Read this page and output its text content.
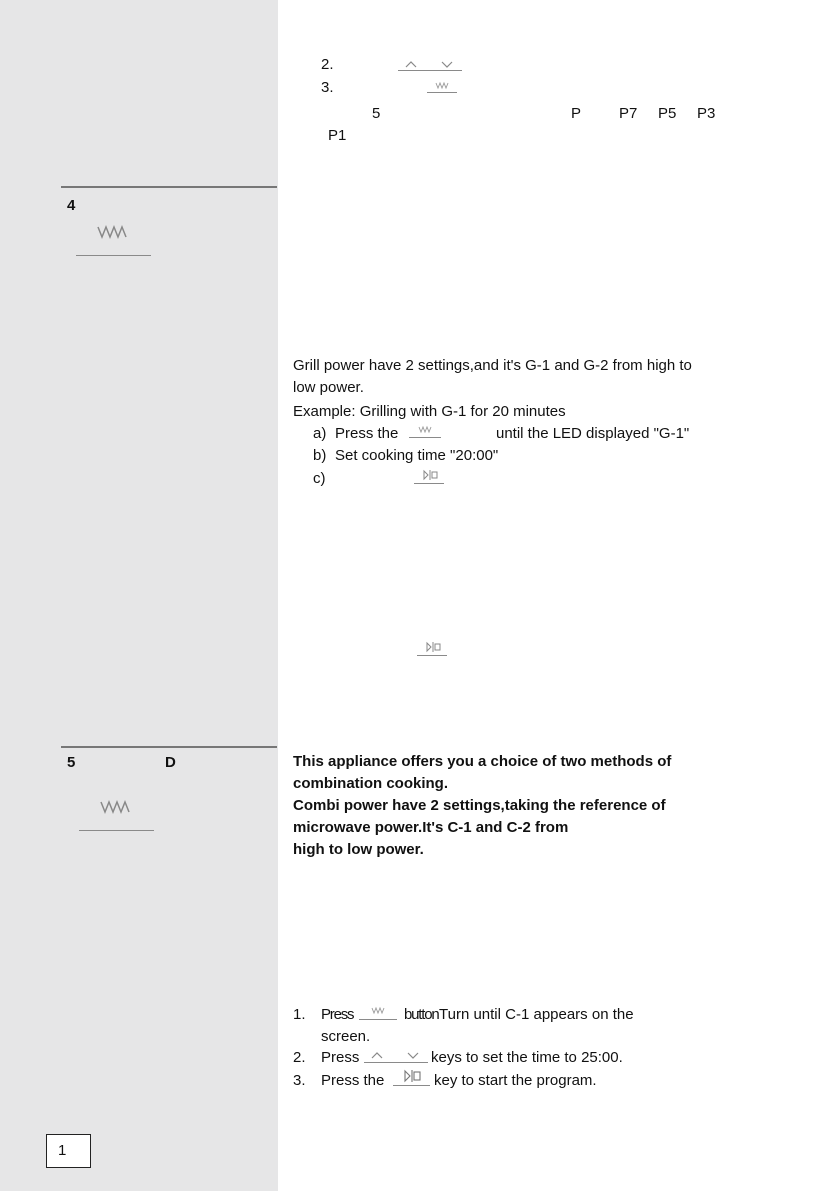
2.
3.
5	P	P7 P5 P3
P1
4
Grill power have 2 settings,and it's G-1 and G-2 from high to
low power.
Example: Grilling with G-1 for 20 minutes
a) Press the	until the LED displayed "G-1"
b) Set cooking time "20:00"
c)
5	D	This appliance offers you a choice of two methods of
combination cooking.
Combi power have 2 settings,taking the reference of
microwave power.It's C-1 and C-2 from
high to low power.
1. Press	button Turn until C-1 appears on the
screen.
2. Press	keys to set the time to 25:00.
3. Press the	key to start the program.
1
